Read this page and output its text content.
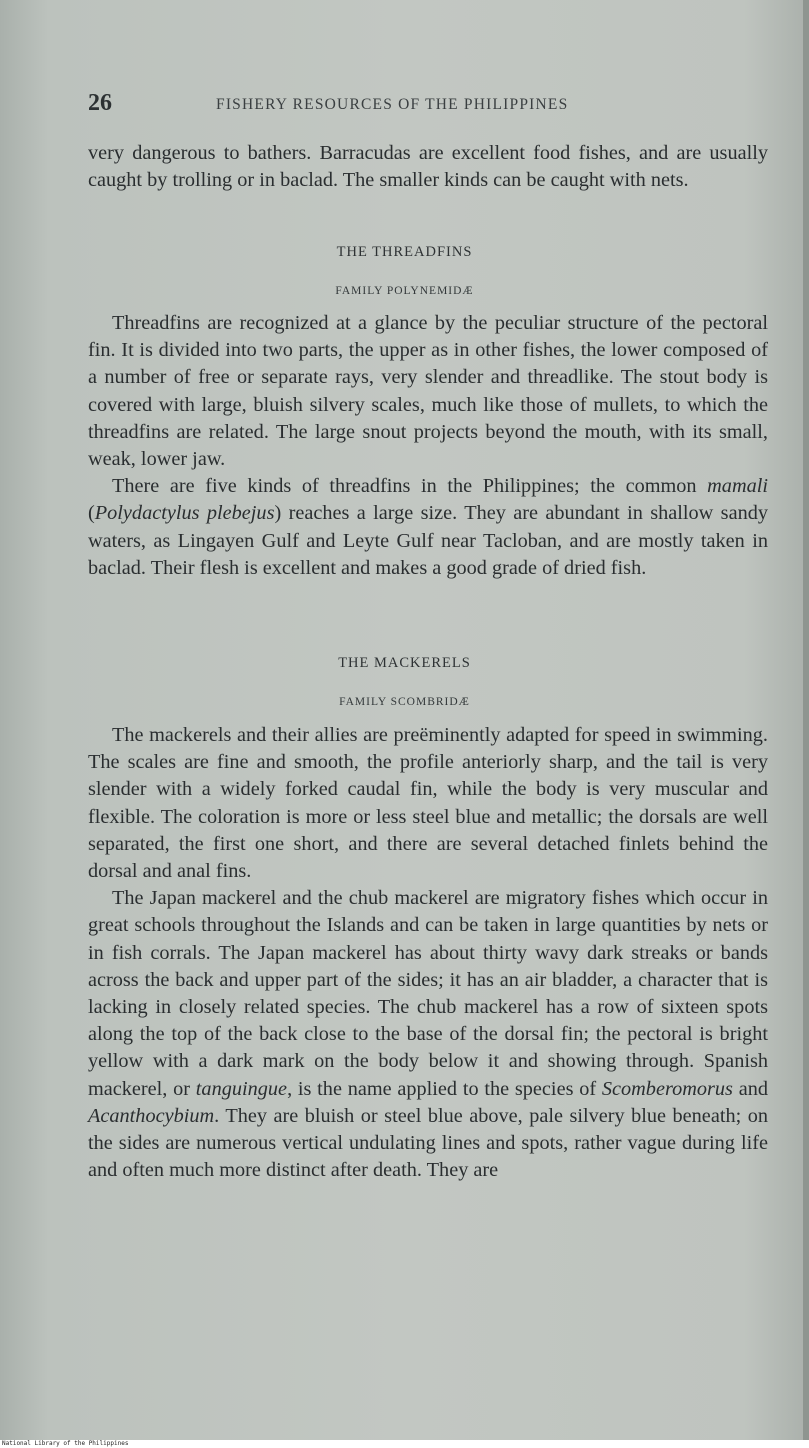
26	FISHERY RESOURCES OF THE PHILIPPINES

very dangerous to bathers. Barracudas are excellent food fishes, and are usually caught by trolling or in baclad. The smaller kinds can be caught with nets.

THE THREADFINS
FAMILY POLYNEMIDÆ

Threadfins are recognized at a glance by the peculiar structure of the pectoral fin. It is divided into two parts, the upper as in other fishes, the lower composed of a number of free or separate rays, very slender and threadlike. The stout body is covered with large, bluish silvery scales, much like those of mullets, to which the threadfins are related. The large snout projects beyond the mouth, with its small, weak, lower jaw.

There are five kinds of threadfins in the Philippines; the common mamali (Polydactylus plebejus) reaches a large size. They are abundant in shallow sandy waters, as Lingayen Gulf and Leyte Gulf near Tacloban, and are mostly taken in baclad. Their flesh is excellent and makes a good grade of dried fish.

THE MACKERELS
FAMILY SCOMBRIDÆ

The mackerels and their allies are preëminently adapted for speed in swimming. The scales are fine and smooth, the profile anteriorly sharp, and the tail is very slender with a widely forked caudal fin, while the body is very muscular and flexible. The coloration is more or less steel blue and metallic; the dorsals are well separated, the first one short, and there are several detached finlets behind the dorsal and anal fins.

The Japan mackerel and the chub mackerel are migratory fishes which occur in great schools throughout the Islands and can be taken in large quantities by nets or in fish corrals. The Japan mackerel has about thirty wavy dark streaks or bands across the back and upper part of the sides; it has an air bladder, a character that is lacking in closely related species. The chub mackerel has a row of sixteen spots along the top of the back close to the base of the dorsal fin; the pectoral is bright yellow with a dark mark on the body below it and showing through. Spanish mackerel, or tanguingue, is the name applied to the species of Scomberomorus and Acanthocybium. They are bluish or steel blue above, pale silvery blue beneath; on the sides are numerous vertical undulating lines and spots, rather vague during life and often much more distinct after death. They are

National Library of the Philippines
